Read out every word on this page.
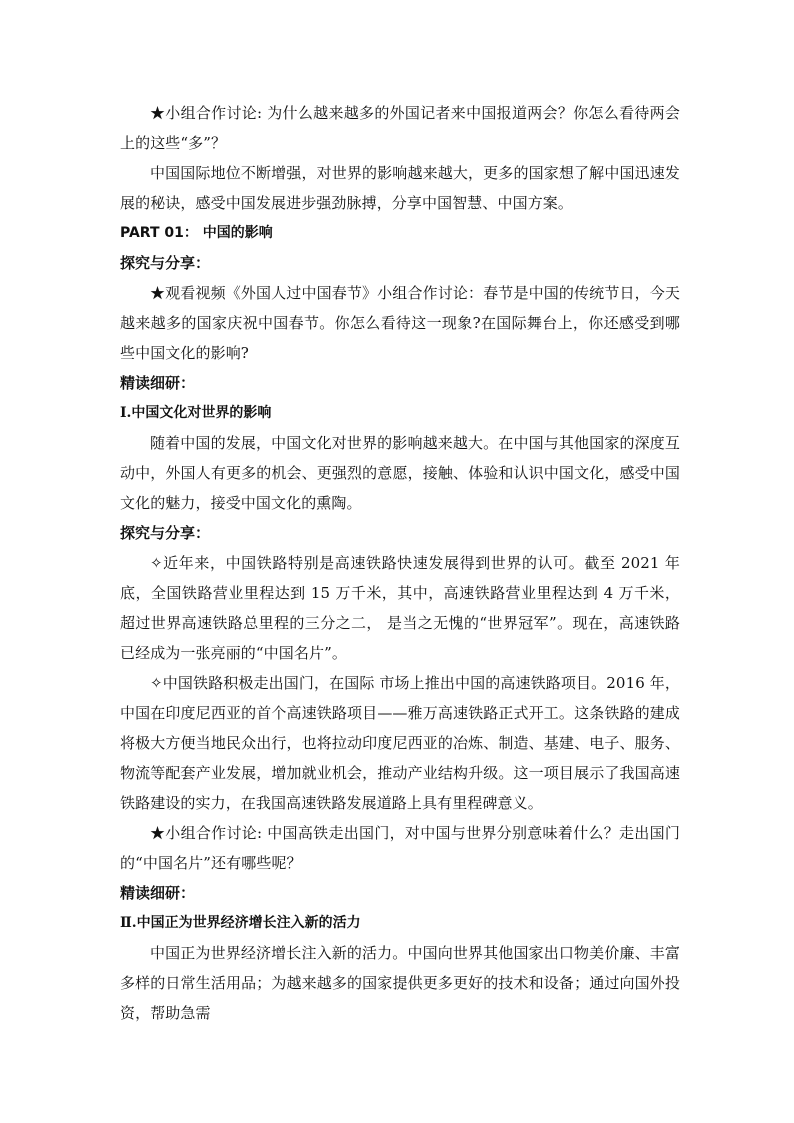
★小组合作讨论: 为什么越来越多的外国记者来中国报道两会？你怎么看待两会上的这些“多”？

中国国际地位不断增强，对世界的影响越来越大，更多的国家想了解中国迅速发展的秘诀，感受中国发展进步强劲脉搏，分享中国智慧、中国方案。

PART 01： 中国的影响

探究与分享：

★观看视频《外国人过中国春节》小组合作讨论：春节是中国的传统节日，今天越来越多的国家庆祝中国春节。你怎么看待这一现象?在国际舞台上，你还感受到哪些中国文化的影响?

精读细研：

Ⅰ.中国文化对世界的影响

随着中国的发展，中国文化对世界的影响越来越大。在中国与其他国家的深度互动中，外国人有更多的机会、更强烈的意愿，接触、体验和认识中国文化，感受中国文化的魅力，接受中国文化的熏陶。

探究与分享：

✧近年来，中国铁路特别是高速铁路快速发展得到世界的认可。截至 2021 年底，全国铁路营业里程达到 15 万千米，其中，高速铁路营业里程达到 4 万千米，超过世界高速铁路总里程的三分之二， 是当之无愧的“世界冠军”。现在，高速铁路已经成为一张亮丽的“中国名片”。

✧中国铁路积极走出国门，在国际 市场上推出中国的高速铁路项目。2016 年，中国在印度尼西亚的首个高速铁路项目——雅万高速铁路正式开工。这条铁路的建成将极大方便当地民众出行，也将拉动印度尼西亚的冶炼、制造、基建、电子、服务、物流等配套产业发展，增加就业机会，推动产业结构升级。这一项目展示了我国高速铁路建设的实力，在我国高速铁路发展道路上具有里程碑意义。

★小组合作讨论: 中国高铁走出国门，对中国与世界分别意味着什么？走出国门的“中国名片”还有哪些呢？

精读细研：

Ⅱ.中国正为世界经济增长注入新的活力

中国正为世界经济增长注入新的活力。中国向世界其他国家出口物美价廉、丰富多样的日常生活用品；为越来越多的国家提供更多更好的技术和设备；通过向国外投资，帮助急需
